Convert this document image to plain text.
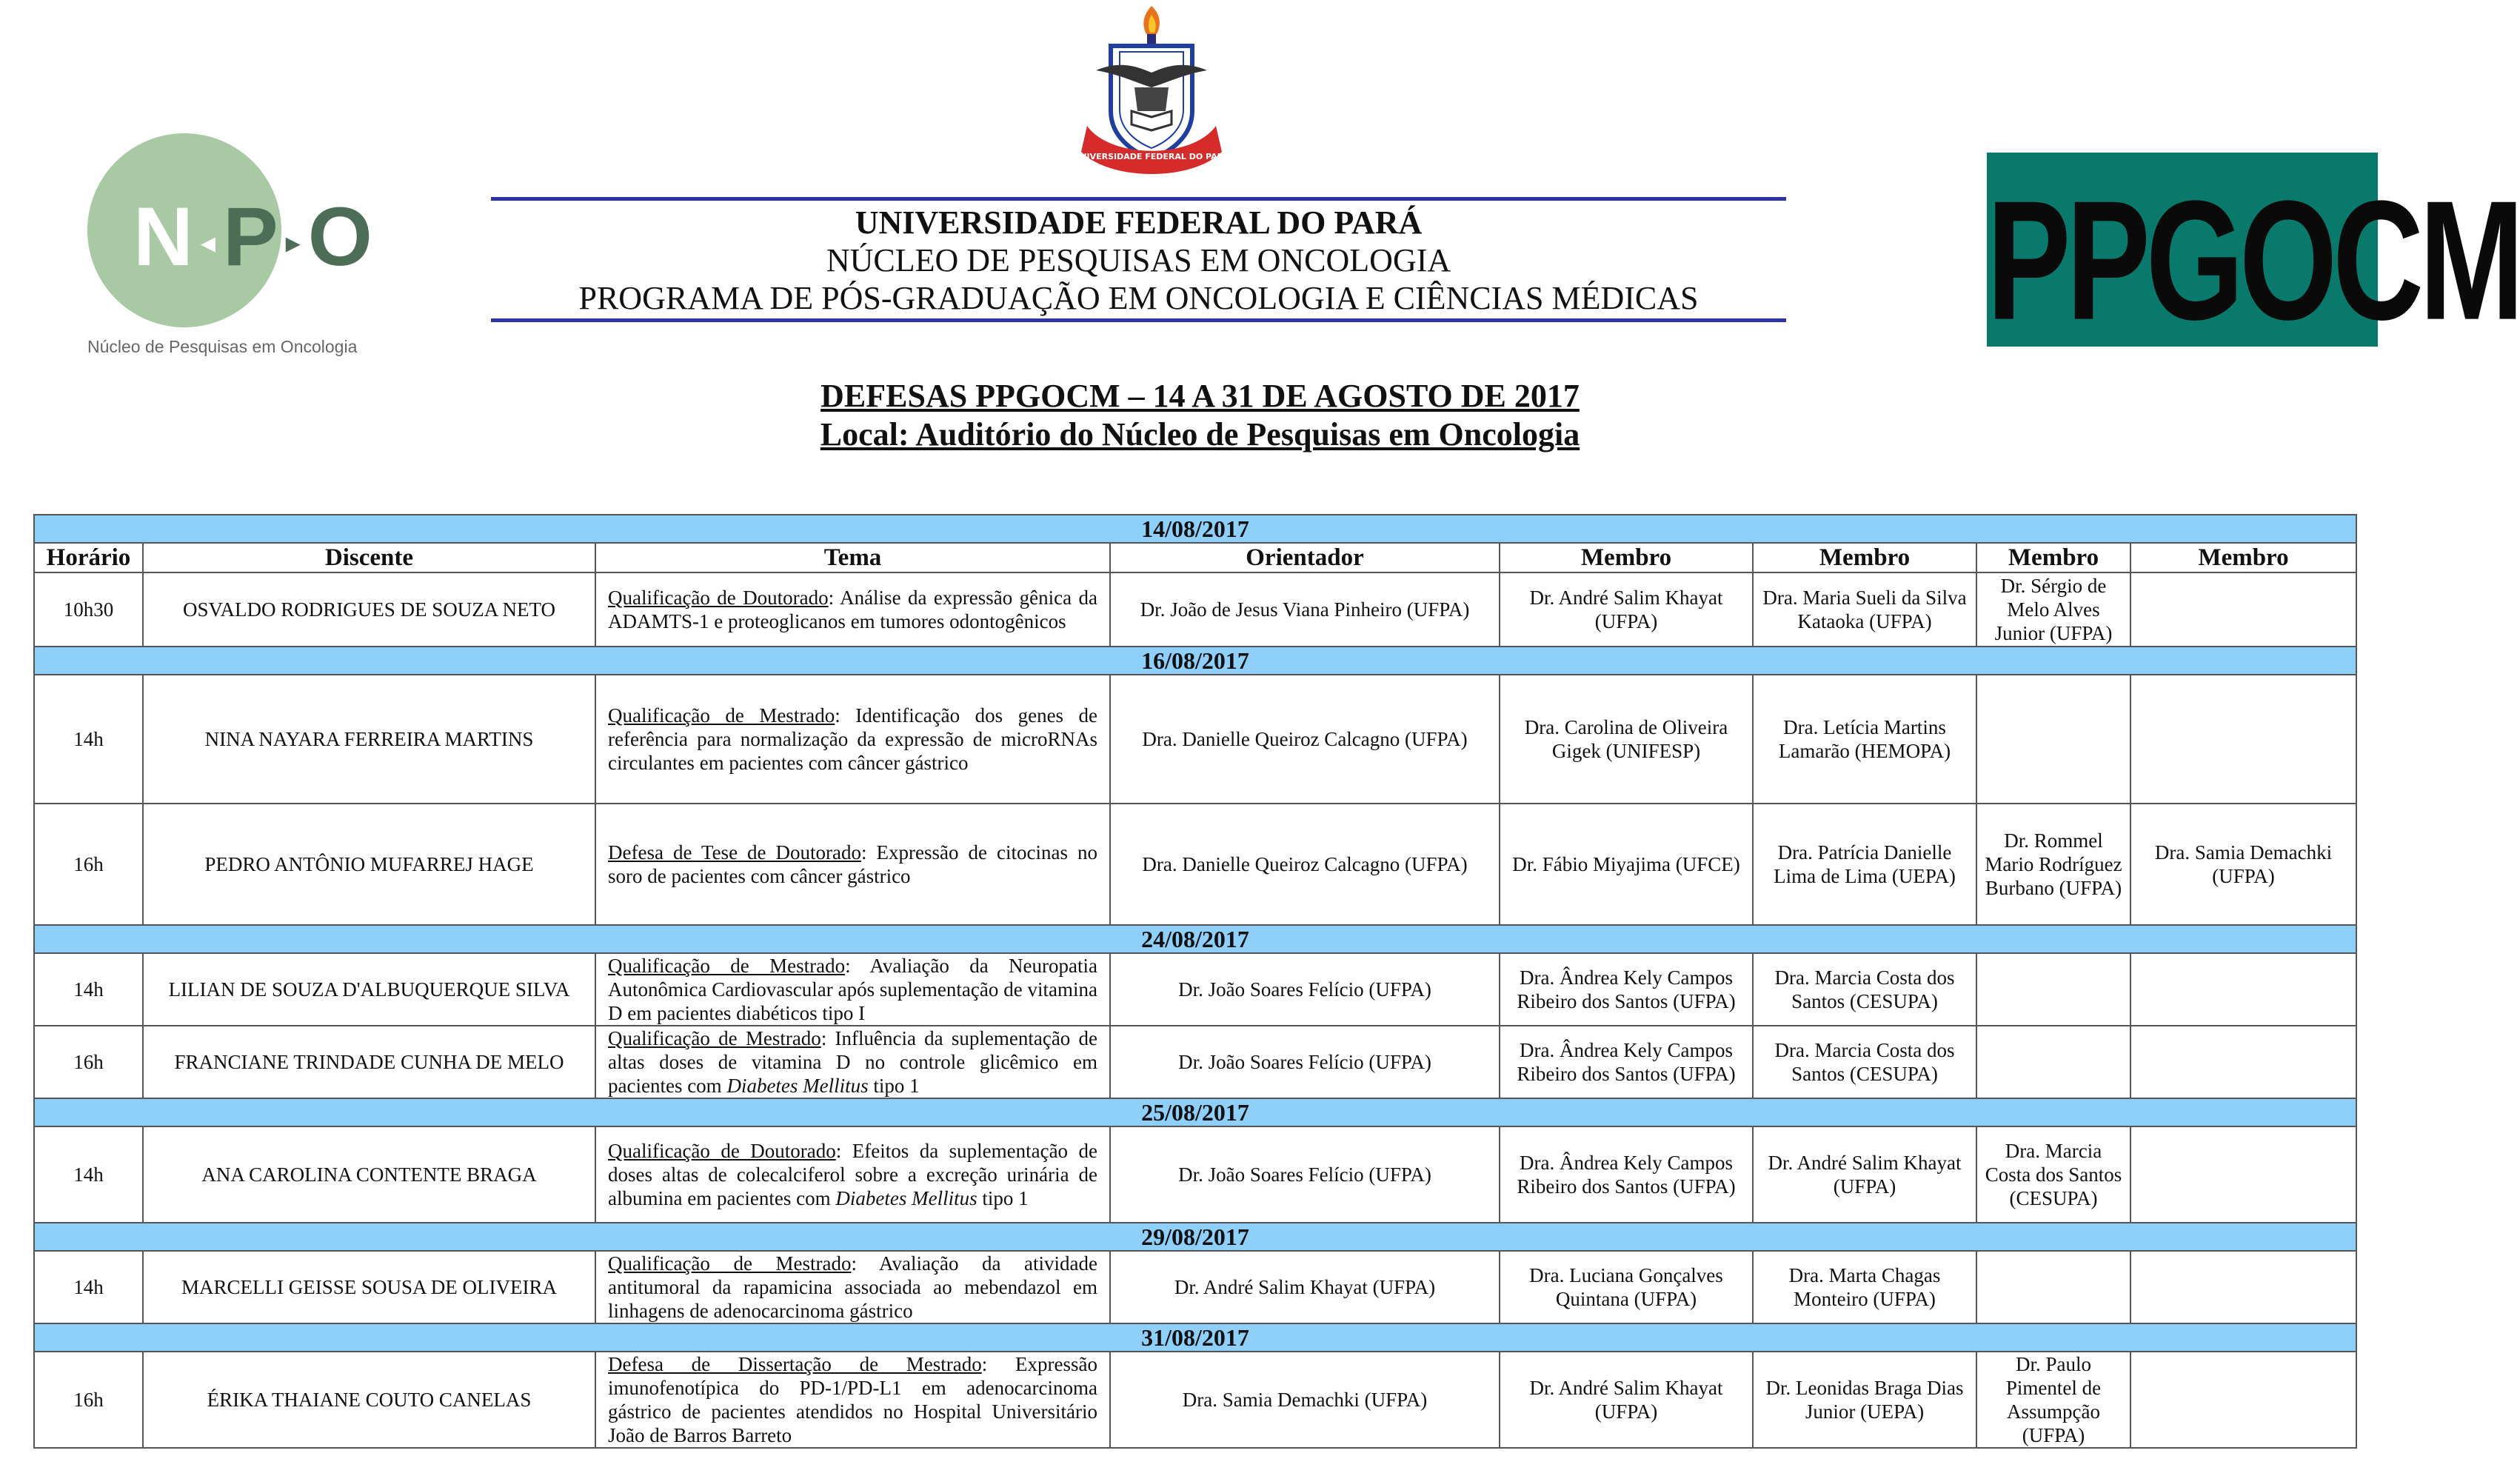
N ◂P ▸O
Núcleo de Pesquisas em Oncologia
UNIVERSIDADE FEDERAL DO PARÁ
PPGOCM
UNIVERSIDADE FEDERAL DO PARÁ
NÚCLEO DE PESQUISAS EM ONCOLOGIA
PROGRAMA DE PÓS-GRADUAÇÃO EM ONCOLOGIA E CIÊNCIAS MÉDICAS
DEFESAS PPGOCM – 14 A 31 DE AGOSTO DE 2017
Local: Auditório do Núcleo de Pesquisas em Oncologia
14/08/2017							
Horário	Discente	Tema	Orientador	Membro	Membro	Membro	Membro
10h30	OSVALDO RODRIGUES DE SOUZA NETO	Qualificação de Doutorado: Análise da expressão gênica da ADAMTS-1 e proteoglicanos em tumores odontogênicos	Dr. João de Jesus Viana Pinheiro (UFPA)	Dr. André Salim Khayat (UFPA)	Dra. Maria Sueli da Silva Kataoka (UFPA)	Dr. Sérgio de Melo Alves Junior (UFPA)	
16/08/2017							
14h	NINA NAYARA FERREIRA MARTINS	Qualificação de Mestrado: Identificação dos genes de referência para normalização da expressão de microRNAs circulantes em pacientes com câncer gástrico	Dra. Danielle Queiroz Calcagno (UFPA)	Dra. Carolina de Oliveira Gigek (UNIFESP)	Dra. Letícia Martins Lamarão (HEMOPA)		
16h	PEDRO ANTÔNIO MUFARREJ HAGE	Defesa de Tese de Doutorado: Expressão de citocinas no soro de pacientes com câncer gástrico	Dra. Danielle Queiroz Calcagno (UFPA)	Dr. Fábio Miyajima (UFCE)	Dra. Patrícia Danielle Lima de Lima (UEPA)	Dr. Rommel Mario Rodríguez Burbano (UFPA)	Dra. Samia Demachki (UFPA)
24/08/2017							
14h	LILIAN DE SOUZA D'ALBUQUERQUE SILVA	Qualificação de Mestrado: Avaliação da Neuropatia Autonômica Cardiovascular após suplementação de vitamina D em pacientes diabéticos tipo I	Dr. João Soares Felício (UFPA)	Dra. Ândrea Kely Campos Ribeiro dos Santos (UFPA)	Dra. Marcia Costa dos Santos (CESUPA)		
16h	FRANCIANE TRINDADE CUNHA DE MELO	Qualificação de Mestrado: Influência da suplementação de altas doses de vitamina D no controle glicêmico em pacientes com Diabetes Mellitus tipo 1	Dr. João Soares Felício (UFPA)	Dra. Ândrea Kely Campos Ribeiro dos Santos (UFPA)	Dra. Marcia Costa dos Santos (CESUPA)		
25/08/2017							
14h	ANA CAROLINA CONTENTE BRAGA	Qualificação de Doutorado: Efeitos da suplementação de doses altas de colecalciferol sobre a excreção urinária de albumina em pacientes com Diabetes Mellitus tipo 1	Dr. João Soares Felício (UFPA)	Dra. Ândrea Kely Campos Ribeiro dos Santos (UFPA)	Dr. André Salim Khayat (UFPA)	Dra. Marcia Costa dos Santos (CESUPA)	
29/08/2017							
14h	MARCELLI GEISSE SOUSA DE OLIVEIRA	Qualificação de Mestrado: Avaliação da atividade antitumoral da rapamicina associada ao mebendazol em linhagens de adenocarcinoma gástrico	Dr. André Salim Khayat (UFPA)	Dra. Luciana Gonçalves Quintana (UFPA)	Dra. Marta Chagas Monteiro (UFPA)		
31/08/2017							
16h	ÉRIKA THAIANE COUTO CANELAS	Defesa de Dissertação de Mestrado: Expressão imunofenotípica do PD-1/PD-L1 em adenocarcinoma gástrico de pacientes atendidos no Hospital Universitário João de Barros Barreto	Dra. Samia Demachki (UFPA)	Dr. André Salim Khayat (UFPA)	Dr. Leonidas Braga Dias Junior (UEPA)	Dr. Paulo Pimentel de Assumpção (UFPA)	
